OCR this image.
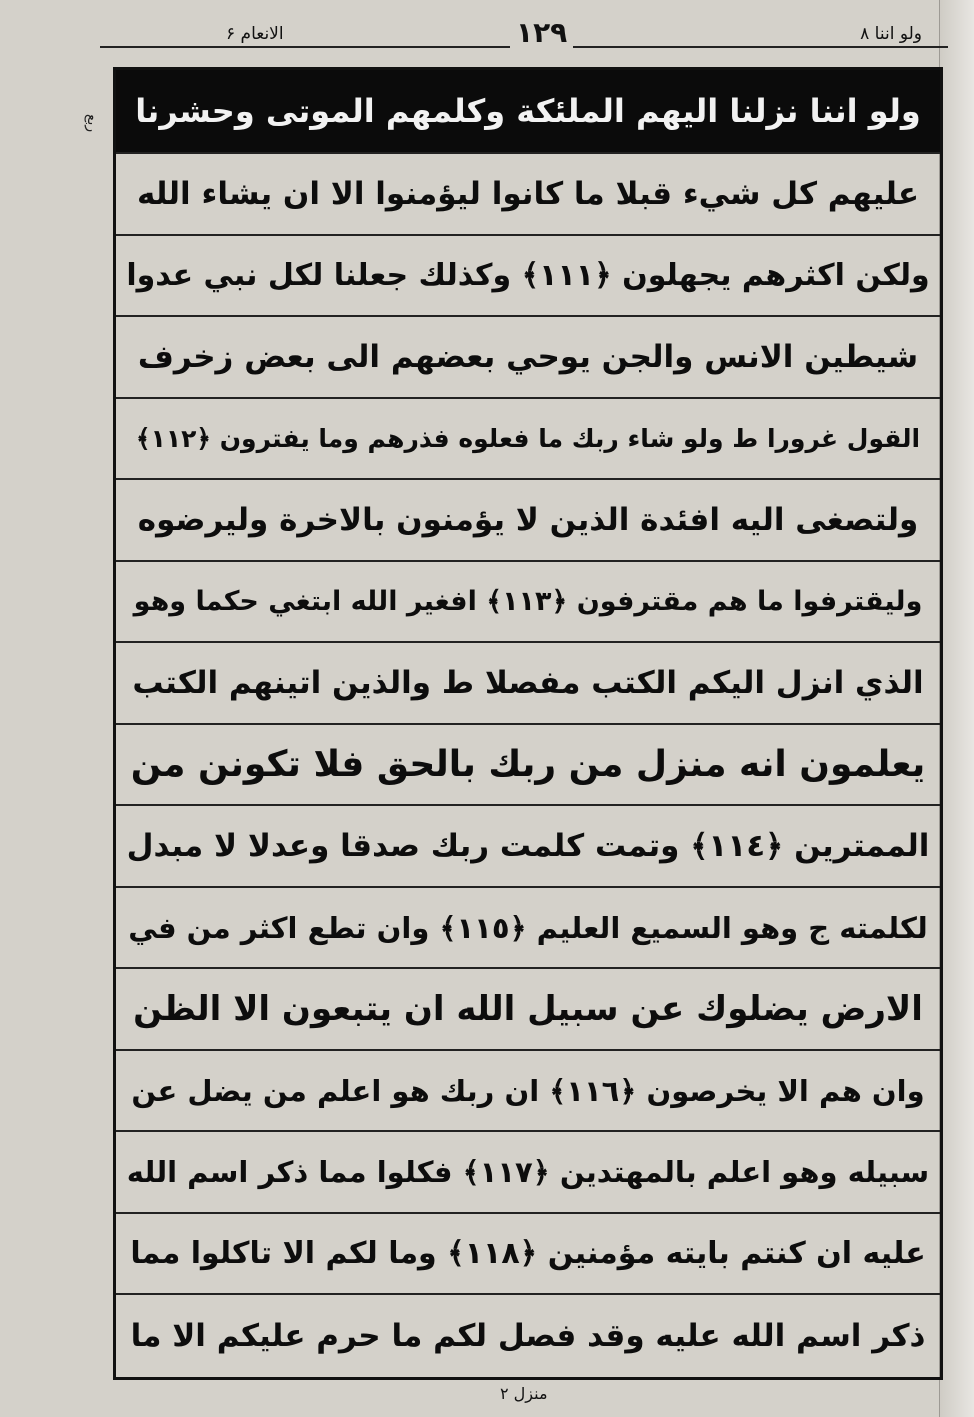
الانعام ۶	١٢٩	ولو اننا ٨
ربع	ولو اننا نزلنا اليهم الملئكة وكلمهم الموتى وحشرنا
عليهم كل شيء قبلا ما كانوا ليؤمنوا الا ان يشاء الله
ولكن اكثرهم يجهلون ﴿١١١﴾ وكذلك جعلنا لكل نبي عدوا
شيطين الانس والجن يوحي بعضهم الى بعض زخرف
القول غرورا ط ولو شاء ربك ما فعلوه فذرهم وما يفترون ﴿١١٢﴾
ولتصغى اليه افئدة الذين لا يؤمنون بالاخرة وليرضوه
وليقترفوا ما هم مقترفون ﴿١١٣﴾ افغير الله ابتغي حكما وهو
الذي انزل اليكم الكتب مفصلا ط والذين اتينهم الكتب
يعلمون انه منزل من ربك بالحق فلا تكونن من
الممترين ﴿١١٤﴾ وتمت كلمت ربك صدقا وعدلا لا مبدل
لكلمته ج وهو السميع العليم ﴿١١٥﴾ وان تطع اكثر من في
الارض يضلوك عن سبيل الله ان يتبعون الا الظن
وان هم الا يخرصون ﴿١١٦﴾ ان ربك هو اعلم من يضل عن
سبيله وهو اعلم بالمهتدين ﴿١١٧﴾ فكلوا مما ذكر اسم الله
عليه ان كنتم بايته مؤمنين ﴿١١٨﴾ وما لكم الا تاكلوا مما
ذكر اسم الله عليه وقد فصل لكم ما حرم عليكم الا ما
منزل ٢
